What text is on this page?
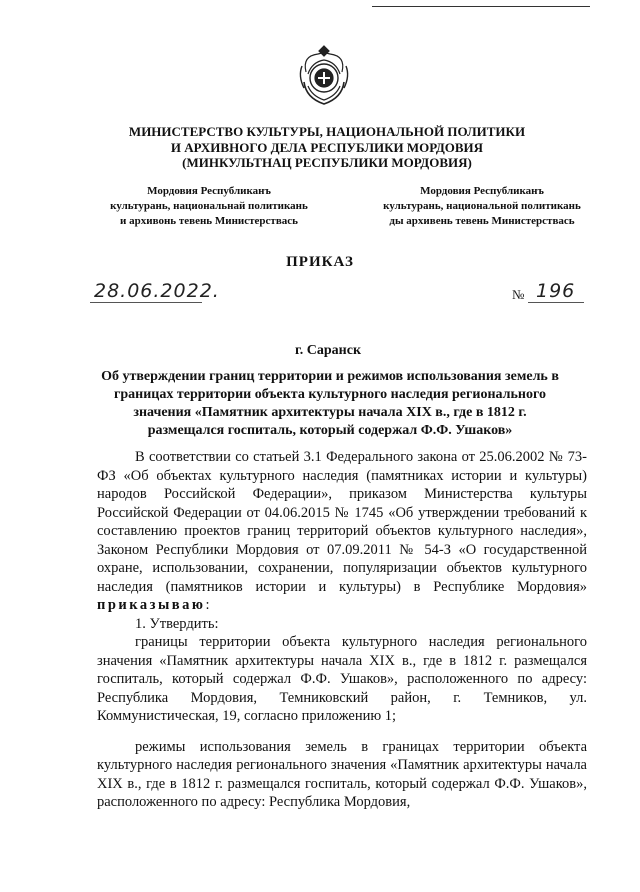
МИНИСТЕРСТВО КУЛЬТУРЫ, НАЦИОНАЛЬНОЙ ПОЛИТИКИ
И АРХИВНОГО ДЕЛА РЕСПУБЛИКИ МОРДОВИЯ
(МИНКУЛЬТНАЦ РЕСПУБЛИКИ МОРДОВИЯ)
Мордовия Республиканъ
культурань, национальнай политикань
и архивонь тевень Министерствась
Мордовия Республиканъ
культурань, национальной политикань
ды архивень тевень Министерствась
ПРИКАЗ
28.06.2022.	№ 196
г. Саранск
Об утверждении границ территории и режимов использования земель в
границах территории объекта культурного наследия регионального
значения «Памятник архитектуры начала XIX в., где в 1812 г.
размещался госпиталь, который содержал Ф.Ф. Ушаков»

В соответствии со статьей 3.1 Федерального закона от 25.06.2002 № 73-ФЗ «Об объектах культурного наследия (памятниках истории и культуры) народов Российской Федерации», приказом Министерства культуры Российской Федерации от 04.06.2015 № 1745 «Об утверждении требований к составлению проектов границ территорий объектов культурного наследия», Законом Республики Мордовия от 07.09.2011 № 54-З «О государственной охране, использовании, сохранении, популяризации объектов культурного наследия (памятников истории и культуры) в Республике Мордовия» приказываю:

1. Утвердить:

границы территории объекта культурного наследия регионального значения «Памятник архитектуры начала XIX в., где в 1812 г. размещался госпиталь, который содержал Ф.Ф. Ушаков», расположенного по адресу: Республика Мордовия, Темниковский район, г. Темников, ул. Коммунистическая, 19, согласно приложению 1;

режимы использования земель в границах территории объекта культурного наследия регионального значения «Памятник архитектуры начала XIX в., где в 1812 г. размещался госпиталь, который содержал Ф.Ф. Ушаков», расположенного по адресу: Республика Мордовия,
